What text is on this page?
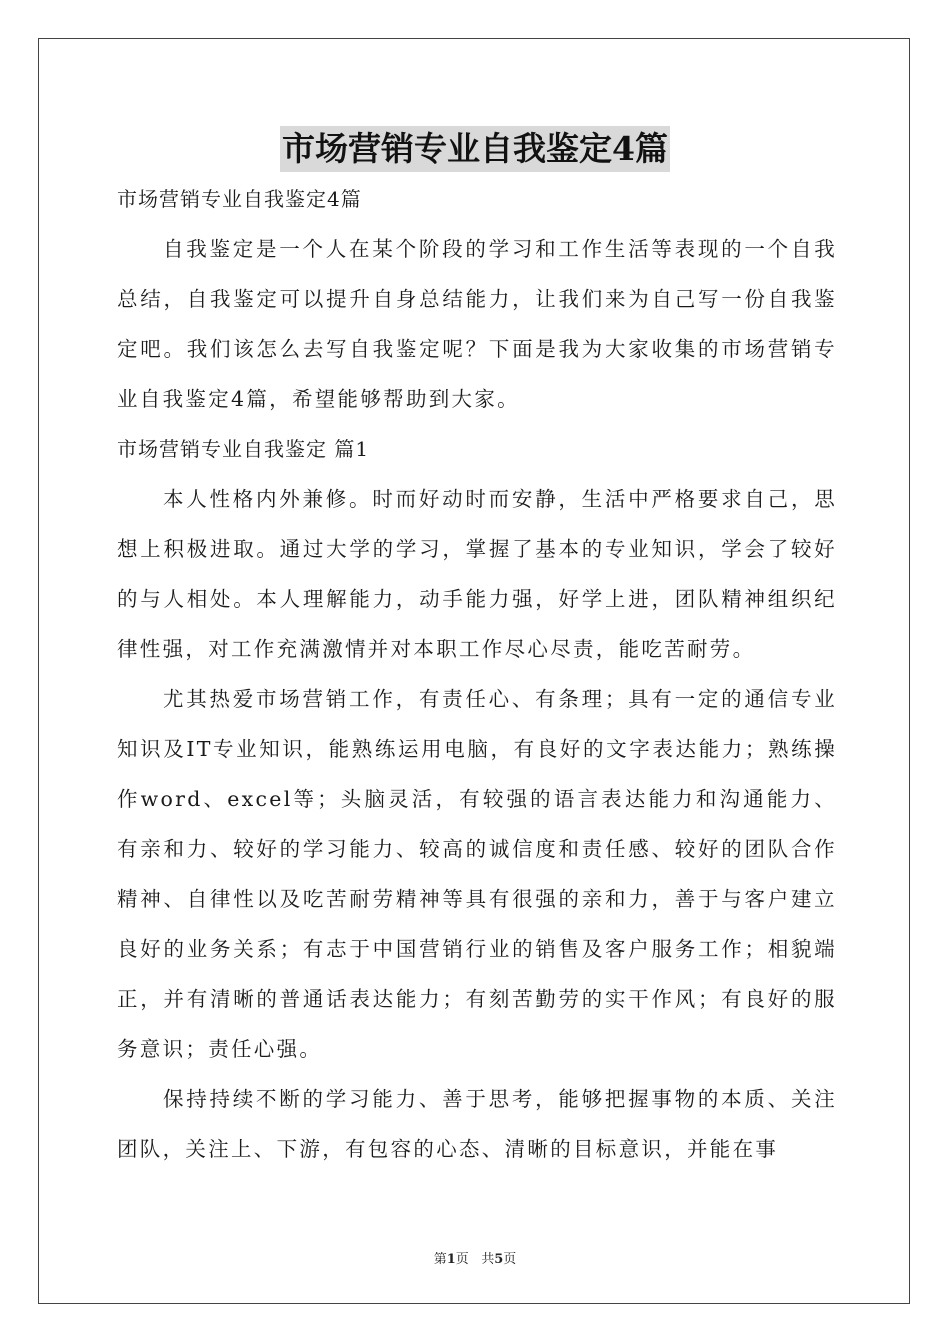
市场营销专业自我鉴定4篇

市场营销专业自我鉴定4篇

自我鉴定是一个人在某个阶段的学习和工作生活等表现的一个自我总结，自我鉴定可以提升自身总结能力，让我们来为自己写一份自我鉴定吧。我们该怎么去写自我鉴定呢？下面是我为大家收集的市场营销专业自我鉴定4篇，希望能够帮助到大家。

市场营销专业自我鉴定 篇1

本人性格内外兼修。时而好动时而安静，生活中严格要求自己，思想上积极进取。通过大学的学习，掌握了基本的专业知识，学会了较好的与人相处。本人理解能力，动手能力强，好学上进，团队精神组织纪律性强，对工作充满激情并对本职工作尽心尽责，能吃苦耐劳。

尤其热爱市场营销工作，有责任心、有条理；具有一定的通信专业知识及IT专业知识，能熟练运用电脑，有良好的文字表达能力；熟练操作word、excel等；头脑灵活，有较强的语言表达能力和沟通能力、有亲和力、较好的学习能力、较高的诚信度和责任感、较好的团队合作精神、自律性以及吃苦耐劳精神等具有很强的亲和力，善于与客户建立良好的业务关系；有志于中国营销行业的销售及客户服务工作；相貌端正，并有清晰的普通话表达能力；有刻苦勤劳的实干作风；有良好的服务意识；责任心强。

保持持续不断的学习能力、善于思考，能够把握事物的本质、关注团队，关注上、下游，有包容的心态、清晰的目标意识，并能在事

第1页   共5页
